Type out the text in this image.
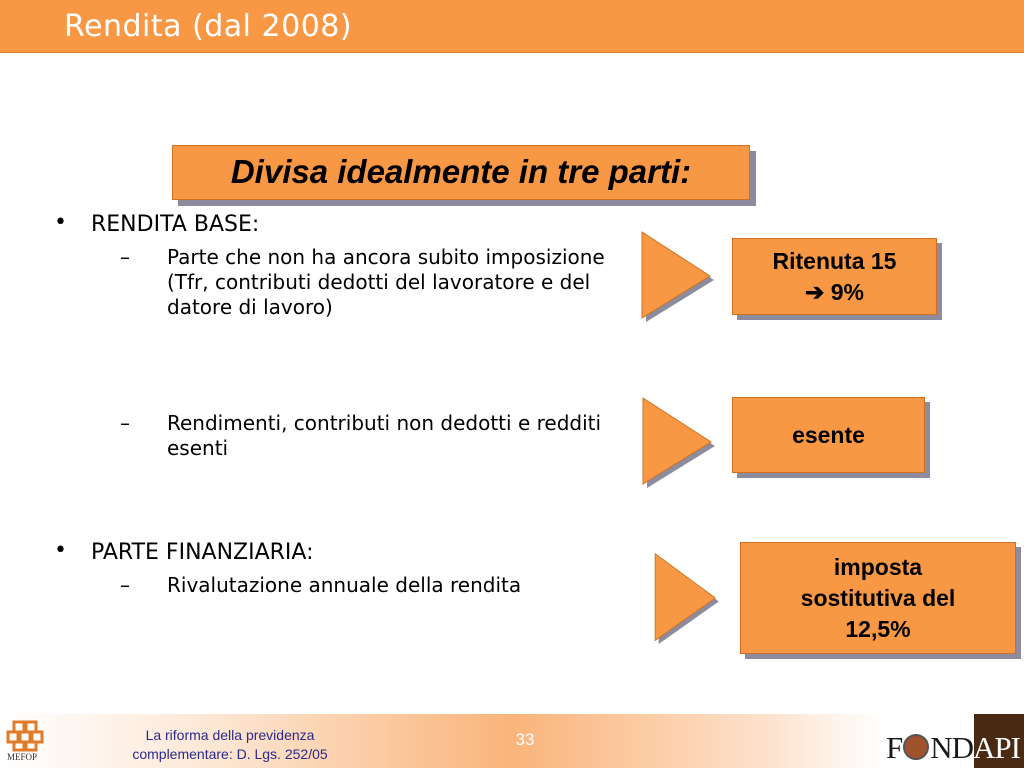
Rendita (dal 2008)
Divisa idealmente in tre parti:
• RENDITA BASE:
– Parte che non ha ancora subito imposizione (Tfr, contributi dedotti del lavoratore e del datore di lavoro)
– Rendimenti, contributi non dedotti e redditi esenti
• PARTE FINANZIARIA:
– Rivalutazione annuale della rendita
Ritenuta 15
➔ 9%
esente
imposta
sostitutiva del
12,5%
MEFOP
La riforma della previdenza
complementare: D. Lgs. 252/05
33	F NDAPI
